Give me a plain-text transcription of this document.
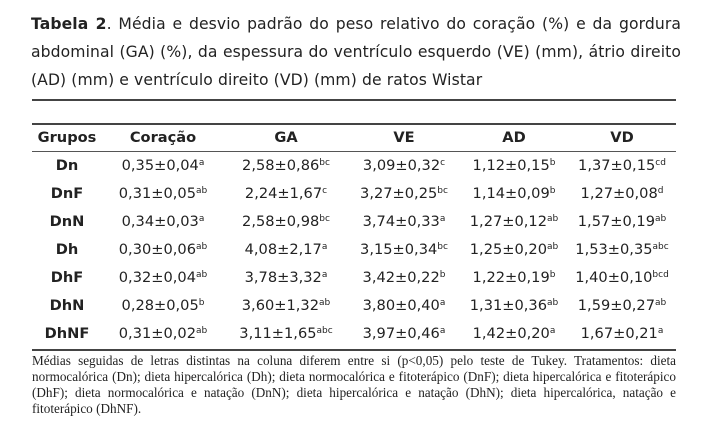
Tabela 2. Média e desvio padrão do peso relativo do coração (%) e da gordura abdominal (GA) (%), da espessura do ventrículo esquerdo (VE) (mm), átrio direito (AD) (mm) e ventrículo direito (VD) (mm) de ratos Wistar
Grupos	Coração	GA	VE	AD	VD
Dn	0,35±0,04$^a$	2,58±0,86$^{bc}$	3,09±0,32$^c$	1,12±0,15$^b$	1,37±0,15$^{cd}$
DnF	0,31±0,05$^{ab}$	2,24±1,67$^c$	3,27±0,25$^{bc}$	1,14±0,09$^b$	1,27±0,08$^d$
DnN	0,34±0,03$^a$	2,58±0,98$^{bc}$	3,74±0,33$^a$	1,27±0,12$^{ab}$	1,57±0,19$^{ab}$
Dh	0,30±0,06$^{ab}$	4,08±2,17$^a$	3,15±0,34$^{bc}$	1,25±0,20$^{ab}$	1,53±0,35$^{abc}$
DhF	0,32±0,04$^{ab}$	3,78±3,32$^a$	3,42±0,22$^b$	1,22±0,19$^b$	1,40±0,10$^{bcd}$
DhN	0,28±0,05$^b$	3,60±1,32$^{ab}$	3,80±0,40$^a$	1,31±0,36$^{ab}$	1,59±0,27$^{ab}$
DhNF	0,31±0,02$^{ab}$	3,11±1,65$^{abc}$	3,97±0,46$^a$	1,42±0,20$^a$	1,67±0,21$^a$
Médias seguidas de letras distintas na coluna diferem entre si (p<0,05) pelo teste de Tukey. Tratamentos: dieta normocalórica (Dn); dieta hipercalórica (Dh); dieta normocalórica e fitoterápico (DnF); dieta hipercalórica e fitoterápico (DhF); dieta normocalórica e natação (DnN); dieta hipercalórica e natação (DhN); dieta hipercalórica, natação e fitoterápico (DhNF).
